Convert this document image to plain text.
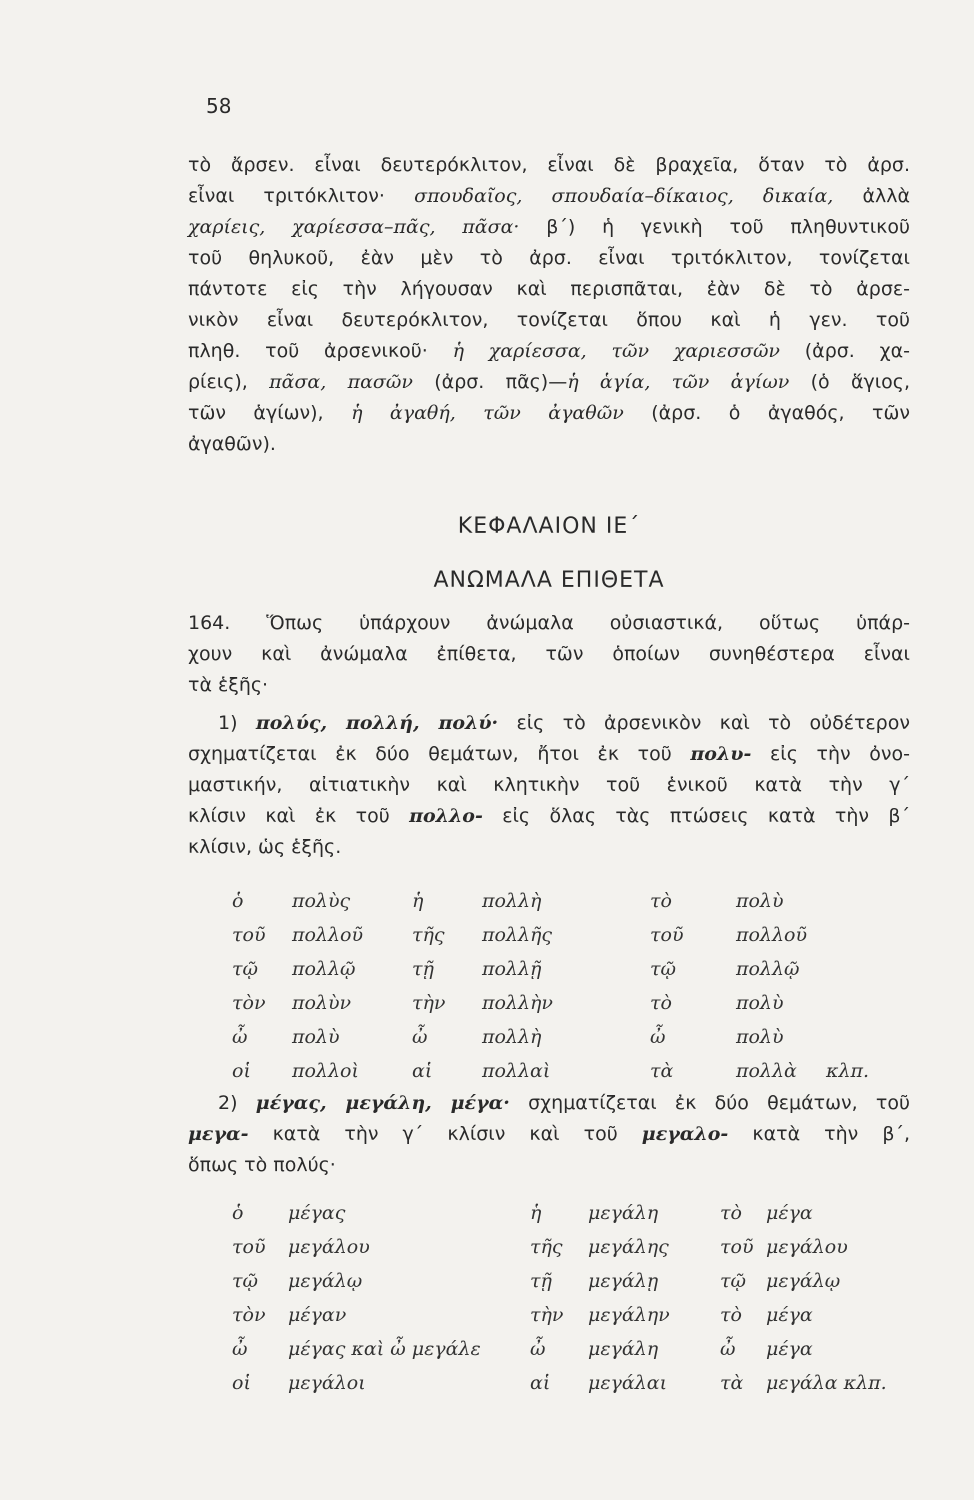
58

τὸ ἄρσεν. εἶναι δευτερόκλιτον, εἶναι δὲ βραχεῖα, ὅταν τὸ ἀρσ.

εἶναι τριτόκλιτον· σπουδαῖος, σπουδαία–δίκαιος, δικαία, ἀλλὰ

χαρίεις, χαρίεσσα–πᾶς, πᾶσα· β΄) ἡ γενικὴ τοῦ πληθυντικοῦ

τοῦ θηλυκοῦ, ἐὰν μὲν τὸ ἀρσ. εἶναι τριτόκλιτον, τονίζεται

πάντοτε εἰς τὴν λήγουσαν καὶ περισπᾶται, ἐὰν δὲ τὸ ἀρσε-

νικὸν εἶναι δευτερόκλιτον, τονίζεται ὅπου καὶ ἡ γεν. τοῦ

πληθ. τοῦ ἀρσενικοῦ· ἡ χαρίεσσα, τῶν χαριεσσῶν (ἀρσ. χα-

ρίεις), πᾶσα, πασῶν (ἀρσ. πᾶς)—ἡ ἁγία, τῶν ἁγίων (ὁ ἅγιος,

τῶν ἁγίων), ἡ ἀγαθή, τῶν ἀγαθῶν (ἀρσ. ὁ ἀγαθός, τῶν

ἀγαθῶν).

ΚΕΦΑΛΑΙΟΝ ΙΕ΄
ΑΝΩΜΑΛΑ ΕΠΙΘΕΤΑ

164. Ὅπως ὑπάρχουν ἀνώμαλα οὐσιαστικά, οὕτως ὑπάρ-

χουν καὶ ἀνώμαλα ἐπίθετα, τῶν ὁποίων συνηθέστερα εἶναι

τὰ ἑξῆς·

1) πολύς, πολλή, πολύ· εἰς τὸ ἀρσενικὸν καὶ τὸ οὐδέτερον

σχηματίζεται ἐκ δύο θεμάτων, ἤτοι ἐκ τοῦ πολυ- εἰς τὴν ὀνο-

μαστικήν, αἰτιατικὴν καὶ κλητικὴν τοῦ ἑνικοῦ κατὰ τὴν γ΄

κλίσιν καὶ ἐκ τοῦ πολλο- εἰς ὅλας τὰς πτώσεις κατὰ τὴν β΄

κλίσιν, ὡς ἑξῆς.

ὁ	πολὺς	ἡ	πολλὴ	τὸ	πολὺ	
τοῦ	πολλοῦ	τῆς	πολλῆς	τοῦ	πολλοῦ	
τῷ	πολλῷ	τῇ	πολλῇ	τῷ	πολλῷ	
τὸν	πολὺν	τὴν	πολλὴν	τὸ	πολὺ	
ὦ	πολὺ	ὦ	πολλὴ	ὦ	πολὺ	
οἱ	πολλοὶ	αἱ	πολλαὶ	τὰ	πολλὰ	κλπ.

2) μέγας, μεγάλη, μέγα· σχηματίζεται ἐκ δύο θεμάτων, τοῦ

μεγα- κατὰ τὴν γ΄ κλίσιν καὶ τοῦ μεγαλο- κατὰ τὴν β΄,

ὅπως τὸ πολύς·

ὁ	μέγας	ἡ	μεγάλη	τὸ	μέγα
τοῦ	μεγάλου	τῆς	μεγάλης	τοῦ	μεγάλου
τῷ	μεγάλῳ	τῇ	μεγάλῃ	τῷ	μεγάλῳ
τὸν	μέγαν	τὴν	μεγάλην	τὸ	μέγα
ὦ	μέγας καὶ ὦ μεγάλε	ὦ	μεγάλη	ὦ	μέγα
οἱ	μεγάλοι	αἱ	μεγάλαι	τὰ	μεγάλα κλπ.
